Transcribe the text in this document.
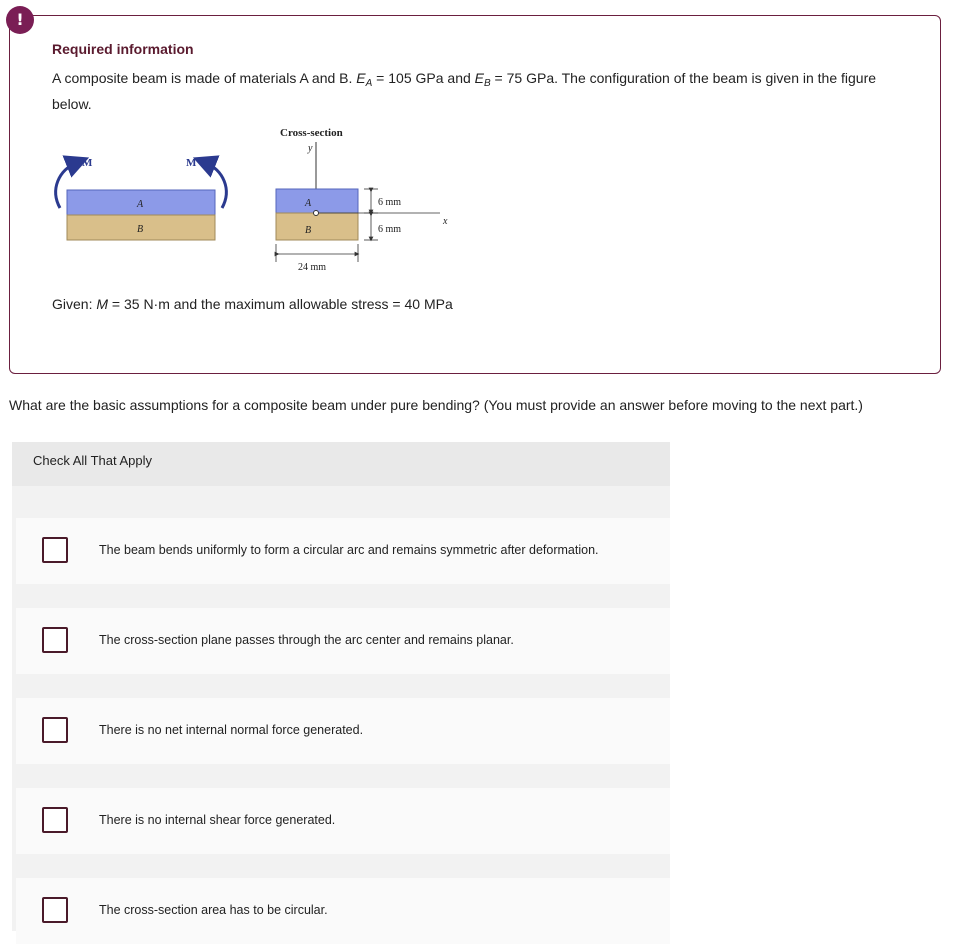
!
Required information
A composite beam is made of materials A and B. $E_A = 105$ GPa and $E_B = 75$ GPa. The configuration of the beam is given in the figure below.
A
B
M	M
Cross-section
y
A
B
x
6 mm
6 mm
24 mm
Given: M = 35 N·m and the maximum allowable stress = 40 MPa
What are the basic assumptions for a composite beam under pure bending? (You must provide an answer before moving to the next part.)
Check All That Apply
The beam bends uniformly to form a circular arc and remains symmetric after deformation.
The cross-section plane passes through the arc center and remains planar.
There is no net internal normal force generated.
There is no internal shear force generated.
The cross-section area has to be circular.
